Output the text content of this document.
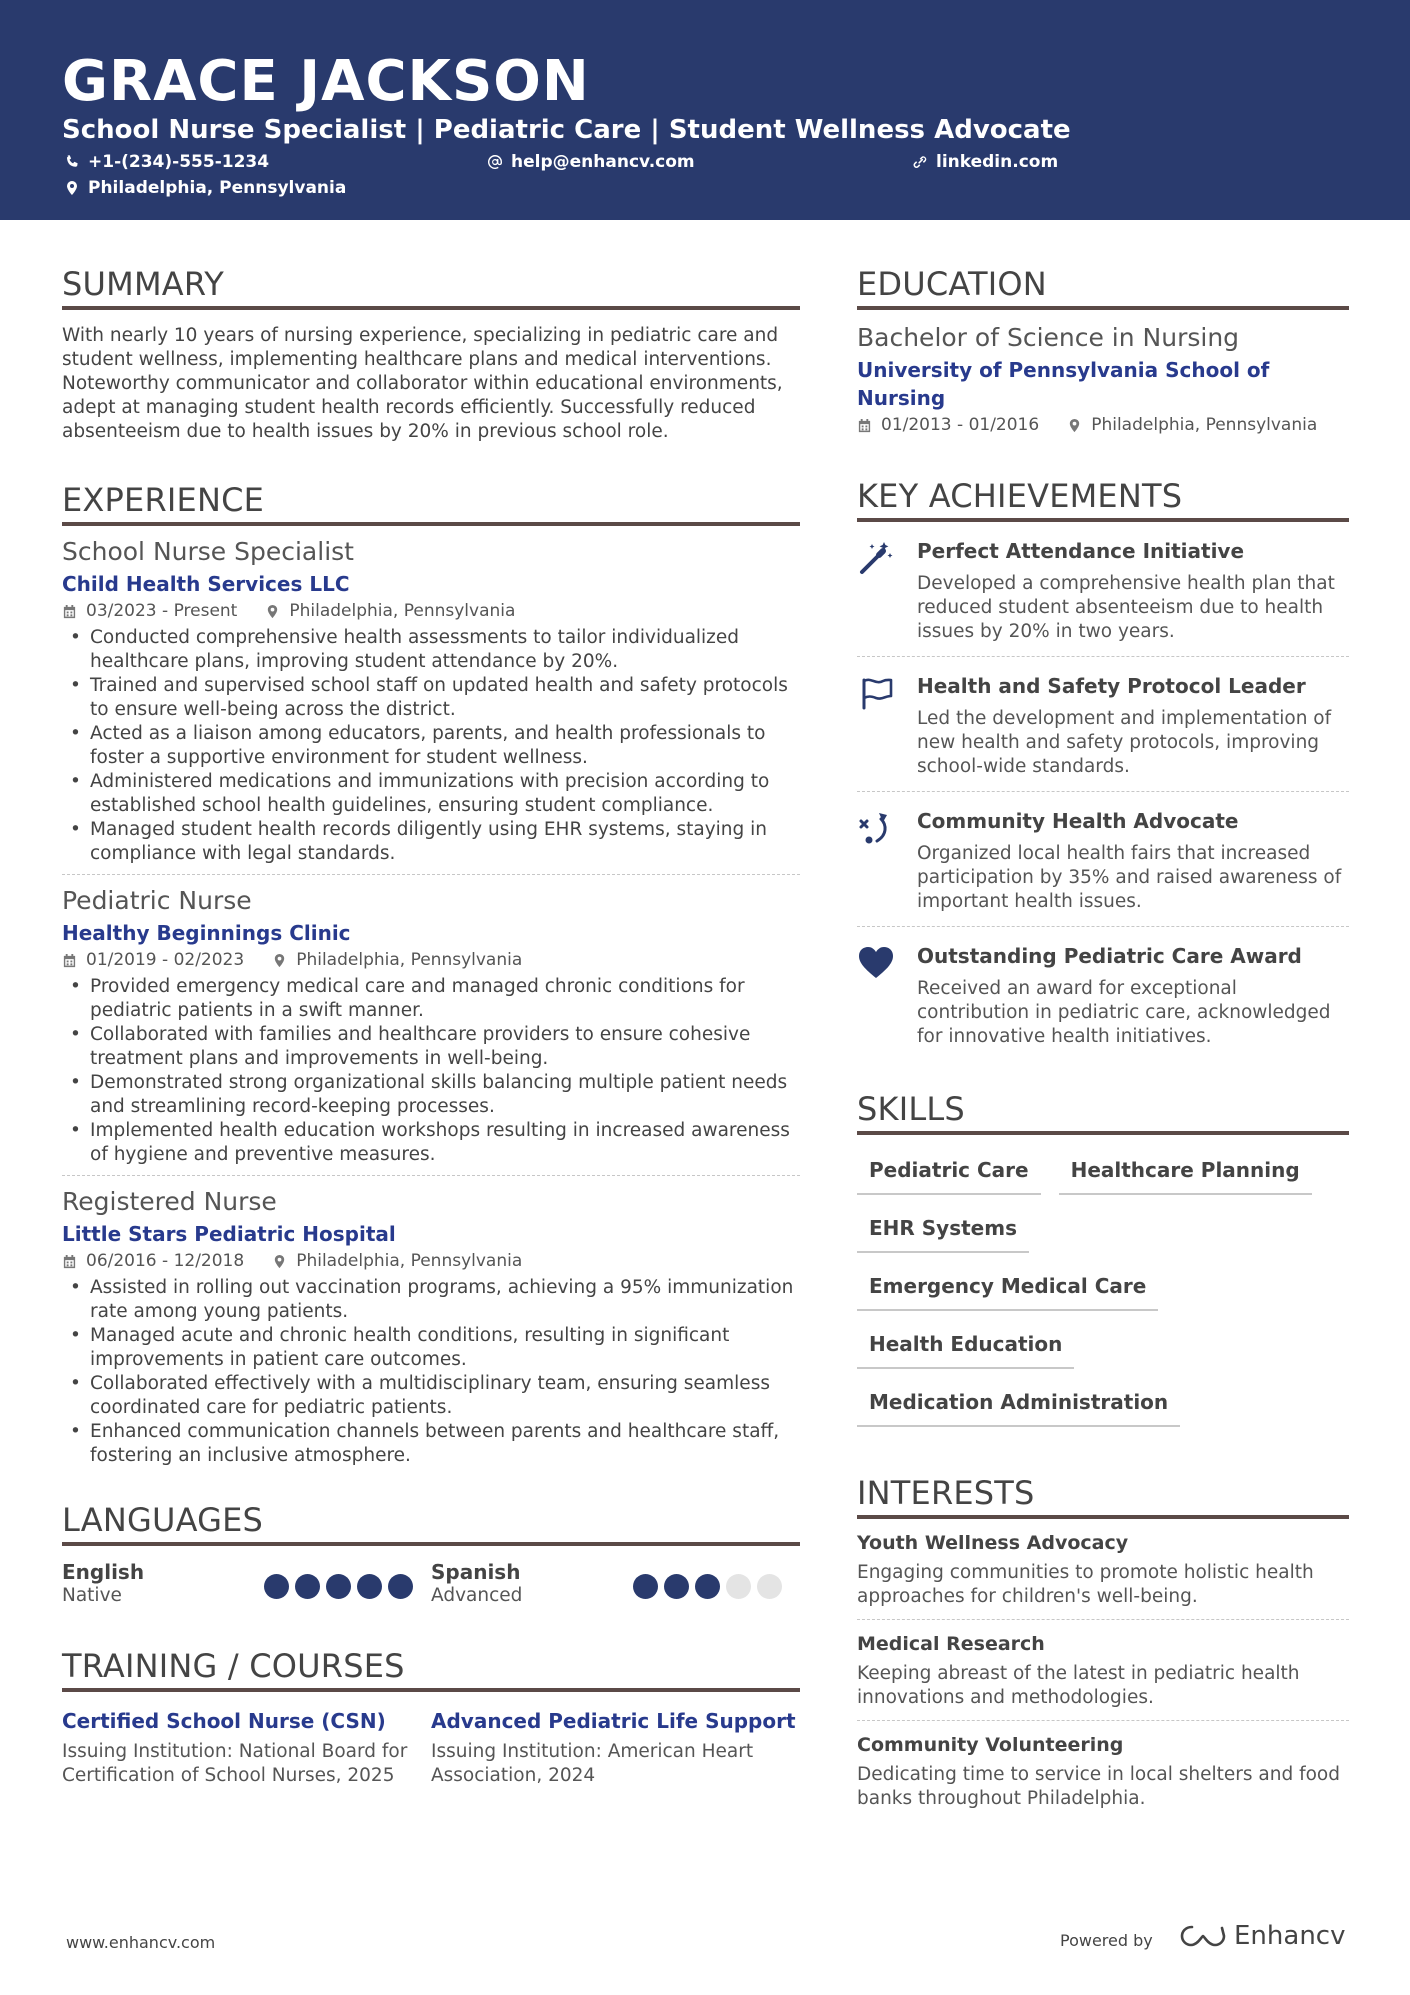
GRACE JACKSON
School Nurse Specialist | Pediatric Care | Student Wellness Advocate
+1-(234)-555-1234	help@enhancv.com	linkedin.com
Philadelphia, Pennsylvania
SUMMARY
With nearly 10 years of nursing experience, specializing in pediatric care and student wellness, implementing healthcare plans and medical interventions. Noteworthy communicator and collaborator within educational environments, adept at managing student health records efficiently. Successfully reduced absenteeism due to health issues by 20% in previous school role.
EXPERIENCE
School Nurse Specialist
Child Health Services LLC
03/2023 - Present	Philadelphia, Pennsylvania
• Conducted comprehensive health assessments to tailor individualized healthcare plans, improving student attendance by 20%.
• Trained and supervised school staff on updated health and safety protocols to ensure well-being across the district.
• Acted as a liaison among educators, parents, and health professionals to foster a supportive environment for student wellness.
• Administered medications and immunizations with precision according to established school health guidelines, ensuring student compliance.
• Managed student health records diligently using EHR systems, staying in compliance with legal standards.
Pediatric Nurse
Healthy Beginnings Clinic
01/2019 - 02/2023	Philadelphia, Pennsylvania
• Provided emergency medical care and managed chronic conditions for pediatric patients in a swift manner.
• Collaborated with families and healthcare providers to ensure cohesive treatment plans and improvements in well-being.
• Demonstrated strong organizational skills balancing multiple patient needs and streamlining record-keeping processes.
• Implemented health education workshops resulting in increased awareness of hygiene and preventive measures.
Registered Nurse
Little Stars Pediatric Hospital
06/2016 - 12/2018	Philadelphia, Pennsylvania
• Assisted in rolling out vaccination programs, achieving a 95% immunization rate among young patients.
• Managed acute and chronic health conditions, resulting in significant improvements in patient care outcomes.
• Collaborated effectively with a multidisciplinary team, ensuring seamless coordinated care for pediatric patients.
• Enhanced communication channels between parents and healthcare staff, fostering an inclusive atmosphere.
LANGUAGES
English
Native
Spanish
Advanced
TRAINING / COURSES
Certified School Nurse (CSN)
Issuing Institution: National Board for Certification of School Nurses, 2025
Advanced Pediatric Life Support
Issuing Institution: American Heart Association, 2024
EDUCATION
Bachelor of Science in Nursing
University of Pennsylvania School of Nursing
01/2013 - 01/2016	Philadelphia, Pennsylvania
KEY ACHIEVEMENTS
Perfect Attendance Initiative
Developed a comprehensive health plan that reduced student absenteeism due to health issues by 20% in two years.
Health and Safety Protocol Leader
Led the development and implementation of new health and safety protocols, improving school-wide standards.
Community Health Advocate
Organized local health fairs that increased participation by 35% and raised awareness of important health issues.
Outstanding Pediatric Care Award
Received an award for exceptional contribution in pediatric care, acknowledged for innovative health initiatives.
SKILLS
Pediatric Care	Healthcare Planning
EHR Systems
Emergency Medical Care
Health Education
Medication Administration
INTERESTS
Youth Wellness Advocacy
Engaging communities to promote holistic health approaches for children's well-being.
Medical Research
Keeping abreast of the latest in pediatric health innovations and methodologies.
Community Volunteering
Dedicating time to service in local shelters and food banks throughout Philadelphia.
www.enhancv.com	Powered by	Enhancv
